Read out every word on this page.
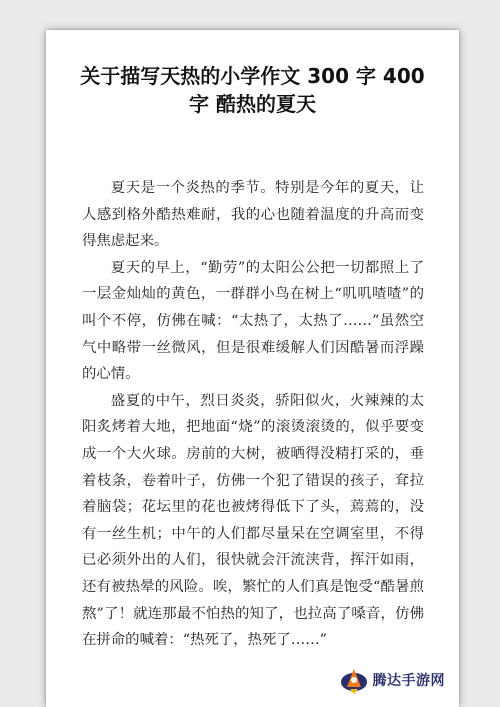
关于描写天热的小学作文 300 字 400
字 酷热的夏天

夏天是一个炎热的季节。特别是今年的夏天，让人感到格外酷热难耐，我的心也随着温度的升高而变得焦虑起来。

夏天的早上，“勤劳”的太阳公公把一切都照上了一层金灿灿的黄色，一群群小鸟在树上“叽叽喳喳”的叫个不停，仿佛在喊：“太热了，太热了……”虽然空气中略带一丝微风，但是很难缓解人们因酷暑而浮躁的心情。

盛夏的中午，烈日炎炎，骄阳似火，火辣辣的太阳炙烤着大地，把地面“烧”的滚烫滚烫的，似乎要变成一个大火球。房前的大树，被晒得没精打采的，垂着枝条，卷着叶子，仿佛一个犯了错误的孩子，耷拉着脑袋；花坛里的花也被烤得低下了头，蔫蔫的，没有一丝生机；中午的人们都尽量呆在空调室里，不得已必须外出的人们，很快就会汗流浃背，挥汗如雨，还有被热晕的风险。唉，繁忙的人们真是饱受“酷暑煎熬”了！就连那最不怕热的知了，也拉高了嗓音，仿佛在拼命的喊着：“热死了，热死了……”

腾达手游网
